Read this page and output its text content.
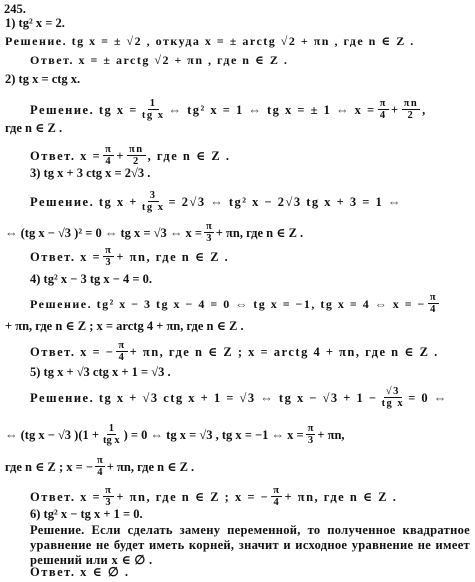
245.
1) tg² x = 2.
Решение. tg x = ± √2 , откуда x = ± arctg √2 + πn , где n ∈ Z .
Ответ. x = ± arctg √2 + πn , где n ∈ Z .
2) tg x = ctg x.
Решение. tg $x = \frac{1}{\text{tg x}}$ ⇔ tg² x = 1 ⇔ tg x = ± 1 ⇔ $x = \frac{\pi}{4} + \frac{\pi n}{2}$ ,
где n ∈ Z .
Ответ. $x = \frac{\pi}{4} + \frac{\pi n}{2}$ , где n ∈ Z .
3) tg x + 3 ctg x = 2√3 .
Решение. tg $x + \frac{3}{\text{tg x}} = 2√3$ ⇔ tg² x − 2√3 tg x + 3 = 1 ⇔
⇔ (tg x − √3 )² = 0 ⇔ tg x = √3 ⇔ $x = \frac{\pi}{3} + \pi n$, где n ∈ Z .
Ответ. $x = \frac{\pi}{3} + \pi n$, где n ∈ Z .
4) tg² x − 3 tg x − 4 = 0.
Решение. tg² x − 3 tg x − 4 = 0 ⇔ tg x = −1, tg x = 4 ⇔ x = − $\frac{\pi}{4}$
+ πn, где n ∈ Z ; x = arctg 4 + πn, где n ∈ Z .
Ответ. x = − $\frac{\pi}{4} + \pi n$, где n ∈ Z ; x = arctg 4 + πn, где n ∈ Z .
5) tg x + √3 ctg x + 1 = √3 .
Решение. tg x + √3 ctg x + 1 = √3 ⇔ tg $x - √3 + 1 - \frac{√3}{\text{tg x}} = 0$ ⇔
⇔ (tg x − √3 )($1 + \frac{1}{\text{tg x}}$ ) = 0 ⇔ tg x = √3 , tg x = −1 ⇔ $x = \frac{\pi}{3} + \pi n$,
где n ∈ Z ; x = − $\frac{\pi}{4} + \pi n$, где n ∈ Z .
Ответ. $x = \frac{\pi}{3} + \pi n$, где n ∈ Z ; x = − $\frac{\pi}{4} + \pi n$, где n ∈ Z .
6) tg² x − tg x + 1 = 0.
Решение. Если сделать замену переменной, то полученное квадратное уравнение не будет иметь корней, значит и исходное уравнение не имеет решений или x ∈ ∅ .
Ответ. x ∈ ∅ .
